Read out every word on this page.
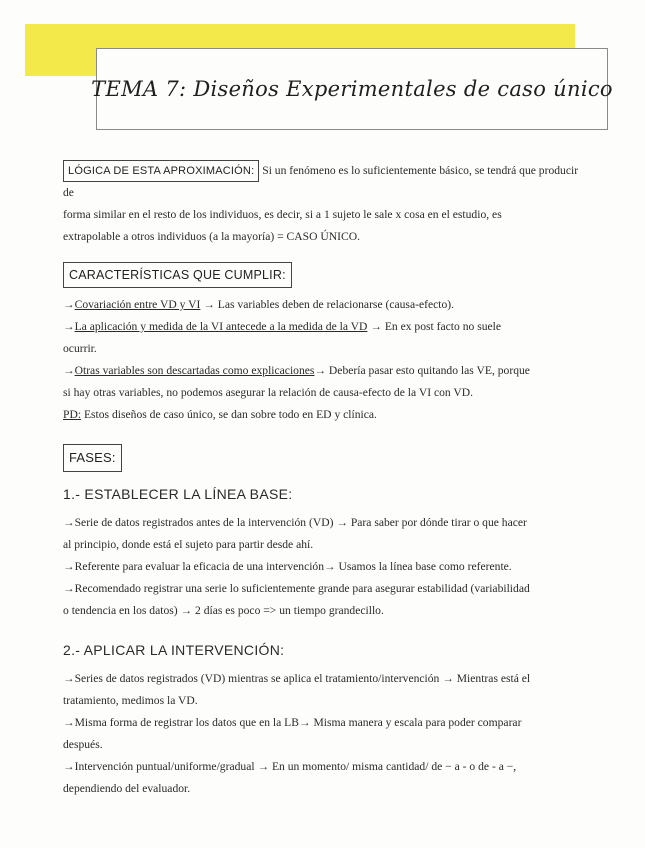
TEMA 7: Diseños Experimentales de caso único

LÓGICA DE ESTA APROXIMACIÓN: Si un fenómeno es lo suficientemente básico, se tendrá que producir de

forma similar en el resto de los individuos, es decir, si a 1 sujeto le sale x cosa en el estudio, es

extrapolable a otros individuos (a la mayoría) = CASO ÚNICO.

CARACTERÍSTICAS QUE CUMPLIR:

→Covariación entre VD y VI → Las variables deben de relacionarse (causa-efecto).

→La aplicación y medida de la VI antecede a la medida de la VD → En ex post facto no suele

ocurrir.

→Otras variables son descartadas como explicaciones→ Debería pasar esto quitando las VE, porque

si hay otras variables, no podemos asegurar la relación de causa-efecto de la VI con VD.

PD: Estos diseños de caso único, se dan sobre todo en ED y clínica.

FASES:
1.- ESTABLECER LA LÍNEA BASE:

→Serie de datos registrados antes de la intervención (VD) → Para saber por dónde tirar o que hacer

al principio, donde está el sujeto para partir desde ahí.

→Referente para evaluar la eficacia de una intervención→ Usamos la línea base como referente.

→Recomendado registrar una serie lo suficientemente grande para asegurar estabilidad (variabilidad

o tendencia en los datos) → 2 días es poco => un tiempo grandecillo.

2.- APLICAR LA INTERVENCIÓN:

→Series de datos registrados (VD) mientras se aplica el tratamiento/intervención → Mientras está el

tratamiento, medimos la VD.

→Misma forma de registrar los datos que en la LB→ Misma manera y escala para poder comparar

después.

→Intervención puntual/uniforme/gradual → En un momento/ misma cantidad/ de − a - o de - a −,

dependiendo del evaluador.
